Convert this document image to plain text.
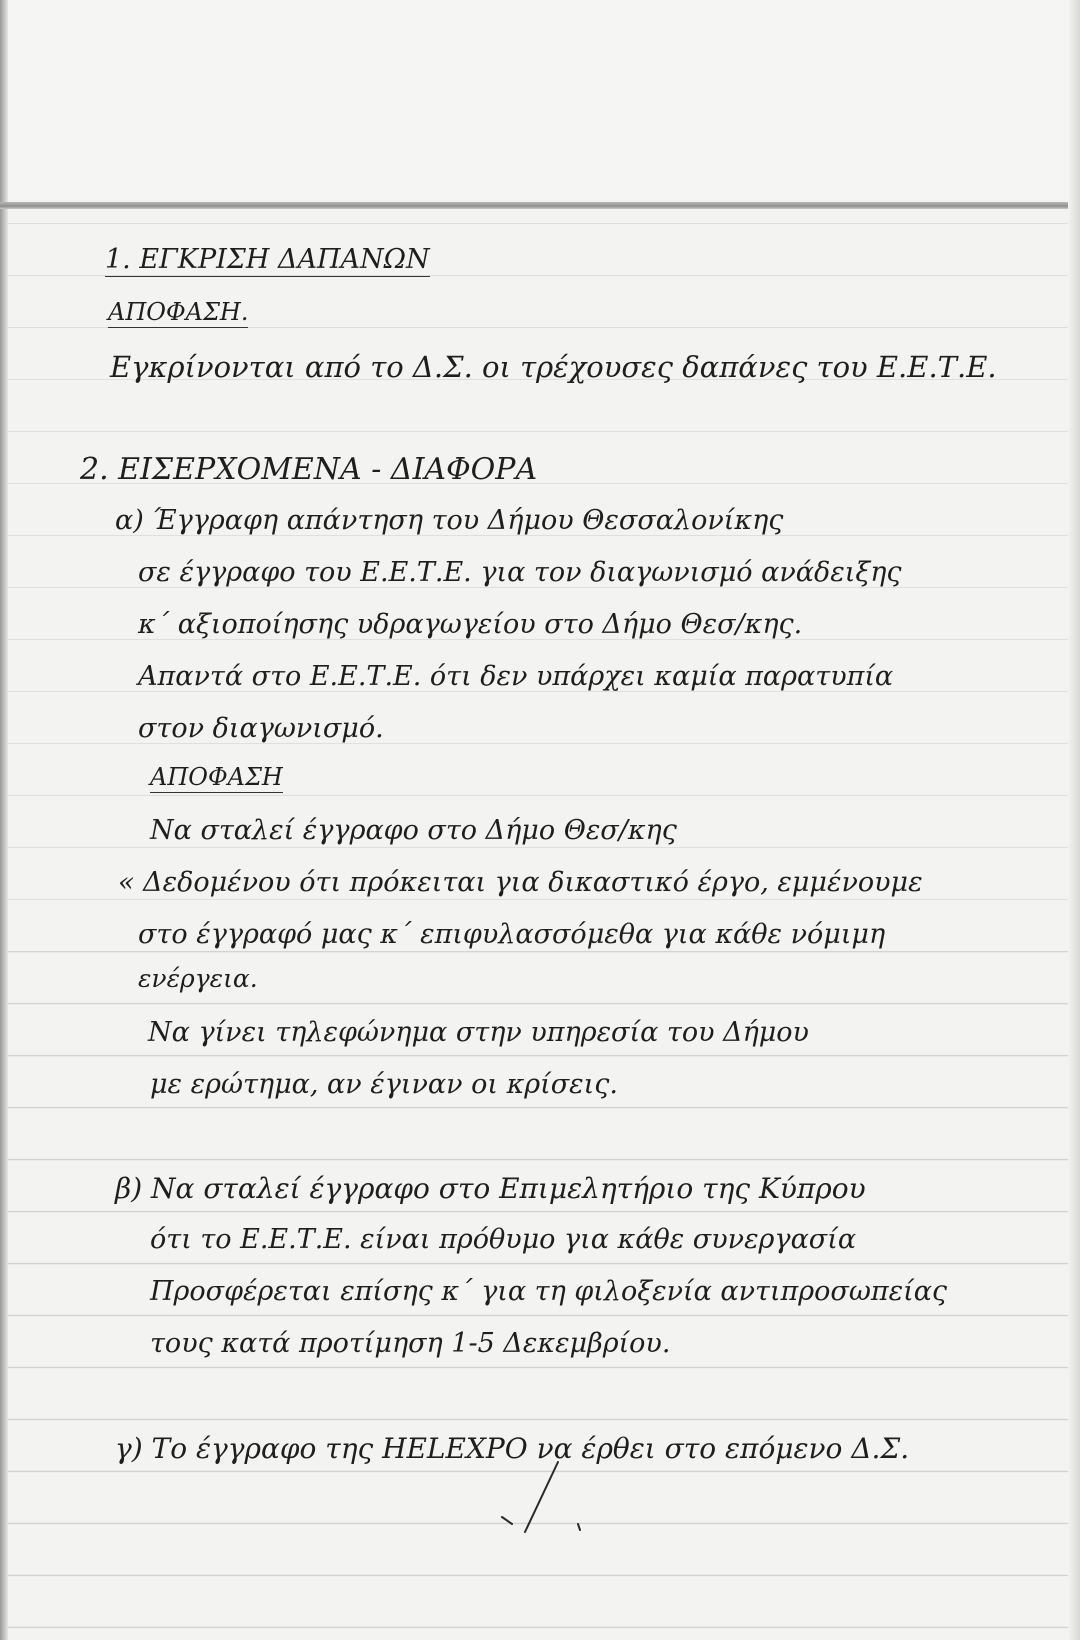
1. ΕΓΚΡΙΣΗ ΔΑΠΑΝΩΝ
ΑΠΟΦΑΣΗ.
Εγκρίνονται από το Δ.Σ. οι τρέχουσες δαπάνες του Ε.Ε.Τ.Ε.
2. ΕΙΣΕΡΧΟΜΕΝΑ - ΔΙΑΦΟΡΑ
α) Έγγραφη απάντηση του Δήμου Θεσσαλονίκης
σε έγγραφο του Ε.Ε.Τ.Ε. για τον διαγωνισμό ανάδειξης
κ΄ αξιοποίησης υδραγωγείου στο Δήμο Θεσ/κης.
Απαντά στο Ε.Ε.Τ.Ε. ότι δεν υπάρχει καμία παρατυπία
στον διαγωνισμό.
ΑΠΟΦΑΣΗ
Να σταλεί έγγραφο στο Δήμο Θεσ/κης
« Δεδομένου ότι πρόκειται για δικαστικό έργο, εμμένουμε
στο έγγραφό μας κ΄ επιφυλασσόμεθα για κάθε νόμιμη
ενέργεια.
Να γίνει τηλεφώνημα στην υπηρεσία του Δήμου
με ερώτημα, αν έγιναν οι κρίσεις.
β) Να σταλεί έγγραφο στο Επιμελητήριο της Κύπρου
ότι το Ε.Ε.Τ.Ε. είναι πρόθυμο για κάθε συνεργασία
Προσφέρεται επίσης κ΄ για τη φιλοξενία αντιπροσωπείας
τους κατά προτίμηση 1-5 Δεκεμβρίου.
γ) Το έγγραφο της HELEXPO να έρθει στο επόμενο Δ.Σ.
